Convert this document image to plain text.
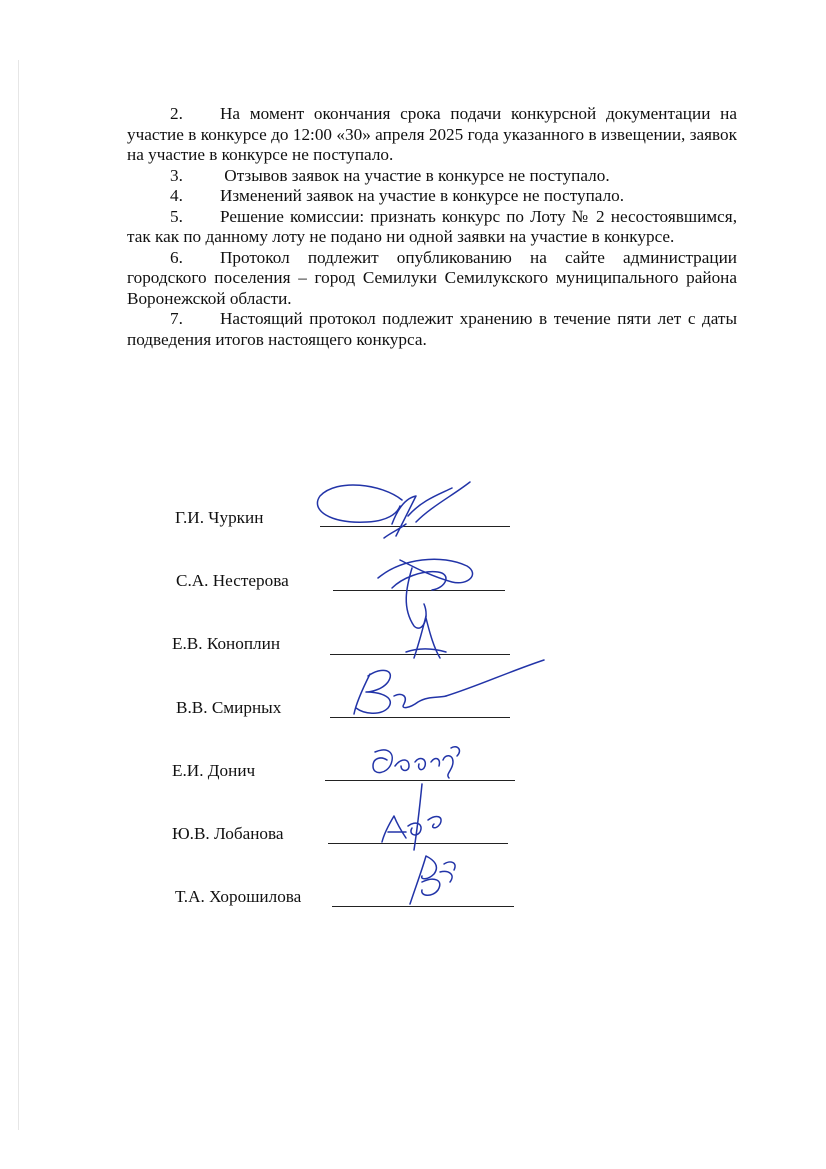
2. На момент окончания срока подачи конкурсной документации на участие в конкурсе до 12:00 «30» апреля 2025 года указанного в извещении, заявок на участие в конкурсе не поступало.

3. Отзывов заявок на участие в конкурсе не поступало.

4. Изменений заявок на участие в конкурсе не поступало.

5. Решение комиссии: признать конкурс по Лоту № 2 несостоявшимся, так как по данному лоту не подано ни одной заявки на участие в конкурсе.

6. Протокол подлежит опубликованию на сайте администрации городского поселения – город Семилуки Семилукского муниципального района Воронежской области.

7. Настоящий протокол подлежит хранению в течение пяти лет с даты подведения итогов настоящего конкурса.

Г.И. Чуркин
С.А. Нестерова
Е.В. Коноплин
В.В. Смирных
Е.И. Донич
Ю.В. Лобанова
Т.А. Хорошилова
